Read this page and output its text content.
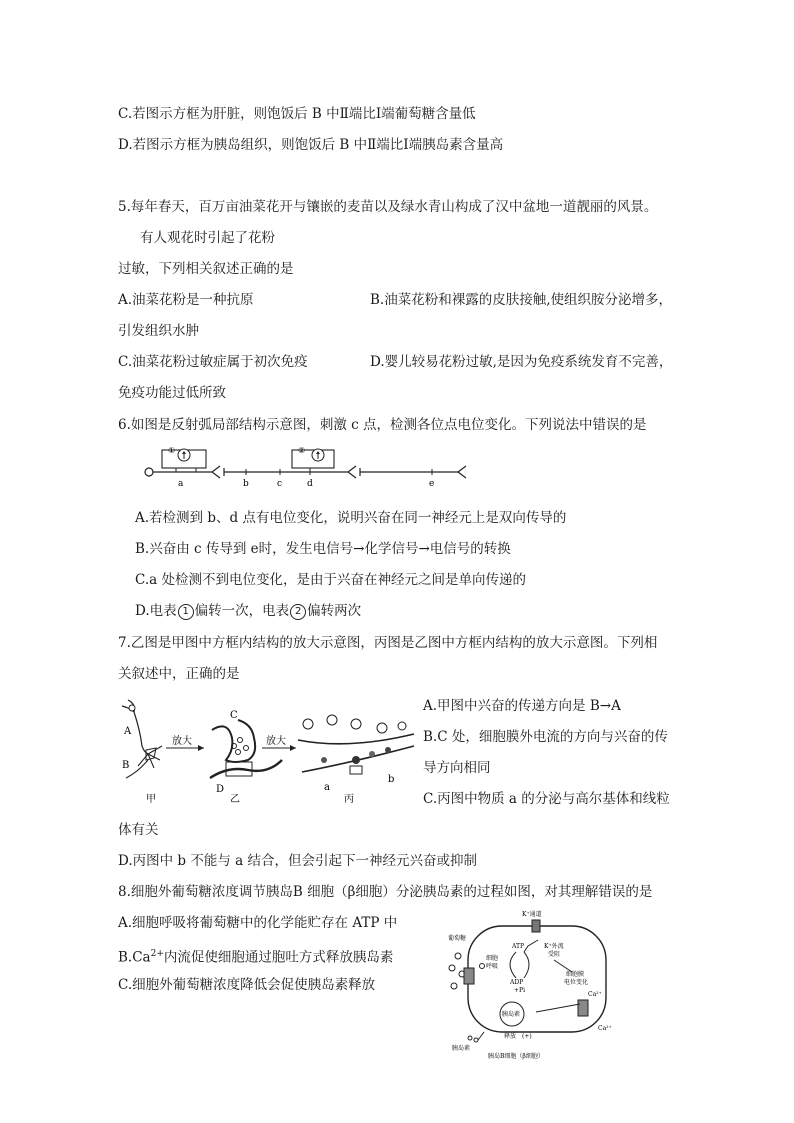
C.若图示方框为肝脏，则饱饭后 B 中Ⅱ端比Ⅰ端葡萄糖含量低
D.若图示方框为胰岛组织，则饱饭后 B 中Ⅱ端比Ⅰ端胰岛素含量高
5.每年春天，百万亩油菜花开与镶嵌的麦苗以及绿水青山构成了汉中盆地一道靓丽的风景。
有人观花时引起了花粉
过敏，下列相关叙述正确的是
A.油菜花粉是一种抗原	B.油菜花粉和裸露的皮肤接触,使组织胺分泌增多，
引发组织水肿
C.油菜花粉过敏症属于初次免疫	D.婴儿较易花粉过敏,是因为免疫系统发育不完善，
免疫功能过低所致
6.如图是反射弧局部结构示意图，刺激 c 点，检测各位点电位变化。下列说法中错误的是
①
a	b	c	d
②
e
A.若检测到 b、d 点有电位变化，说明兴奋在同一神经元上是双向传导的
B.兴奋由 c 传导到 e时，发生电信号→化学信号→电信号的转换
C.a 处检测不到电位变化，是由于兴奋在神经元之间是单向传递的
D.电表 1 偏转一次，电表 2 偏转两次
7.乙图是甲图中方框内结构的放大示意图，丙图是乙图中方框内结构的放大示意图。下列相
关叙述中，正确的是
A
B
甲
放大
C
D
乙
放大
a
b
丙
A.甲图中兴奋的传递方向是 B→A
B.C 处，细胞膜外电流的方向与兴奋的传
导方向相同
C.丙图中物质 a 的分泌与高尔基体和线粒
体有关
D.丙图中 b 不能与 a 结合，但会引起下一神经元兴奋或抑制
8.细胞外葡萄糖浓度调节胰岛B 细胞（β细胞）分泌胰岛素的过程如图，对其理解错误的是
A.细胞呼吸将葡萄糖中的化学能贮存在 ATP 中
$B.Ca^{2+}$内流促使细胞通过胞吐方式释放胰岛素
C.细胞外葡萄糖浓度降低会促使胰岛素释放
K⁺通道
葡萄糖
细胞
呼吸
ATP
ADP
+Pi
K⁺外流
受阻
细胞膜
电位变化
Ca²⁺
Ca²⁺
胰岛素
释放 (+)
胰岛素
胰岛B细胞（β细胞）
